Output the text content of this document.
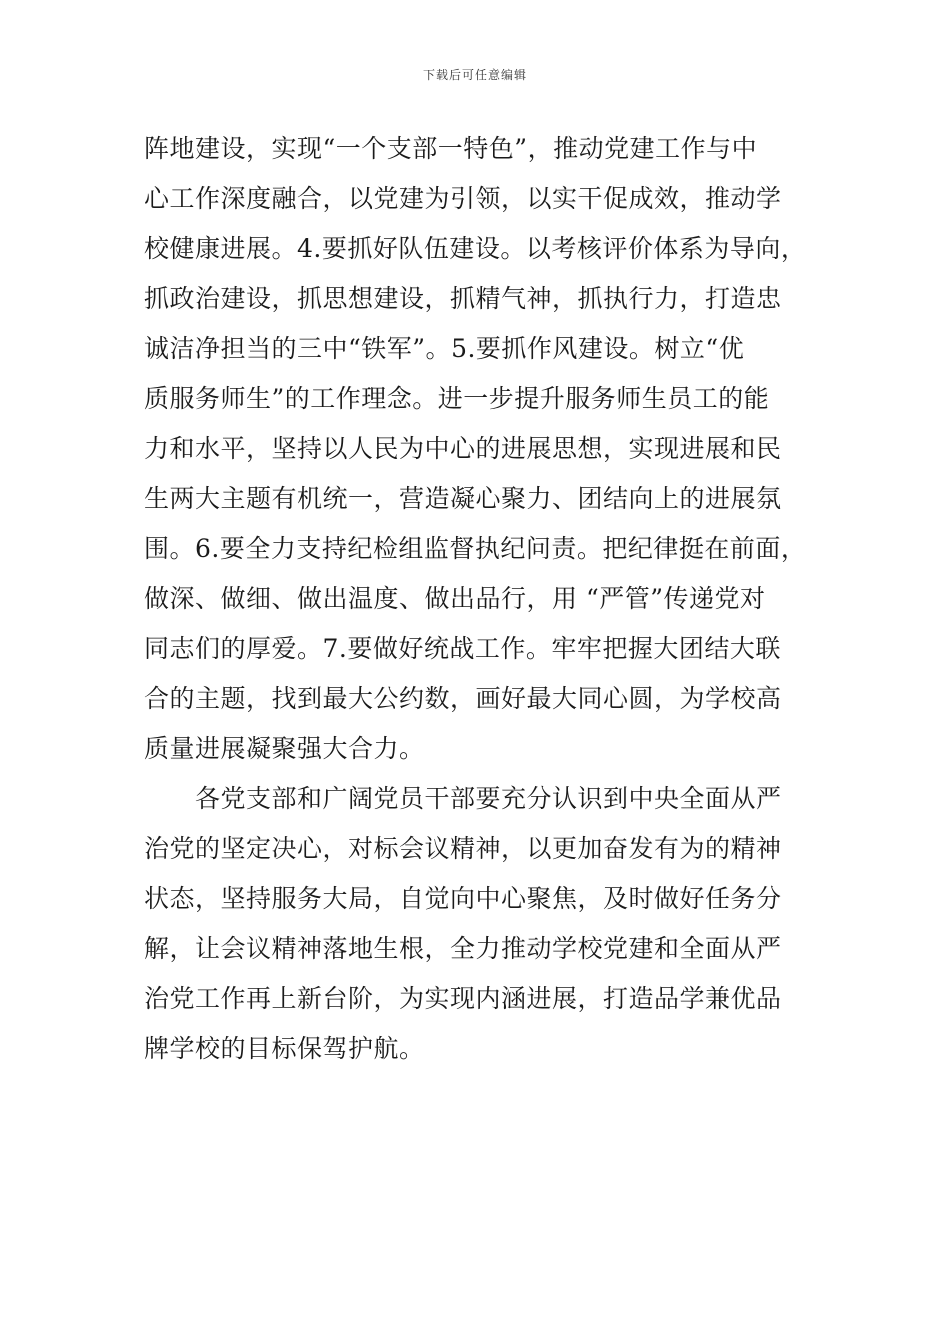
下载后可任意编辑
阵地建设，实现“一个支部一特色”，推动党建工作与中
心工作深度融合，以党建为引领，以实干促成效，推动学
校健康进展。4.要抓好队伍建设。以考核评价体系为导向，
抓政治建设，抓思想建设，抓精气神，抓执行力，打造忠
诚洁净担当的三中“铁军”。5.要抓作风建设。树立“优
质服务师生”的工作理念。进一步提升服务师生员工的能
力和水平，坚持以人民为中心的进展思想，实现进展和民
生两大主题有机统一，营造凝心聚力、团结向上的进展氛
围。6.要全力支持纪检组监督执纪问责。把纪律挺在前面，
做深、做细、做出温度、做出品行，用 “严管”传递党对
同志们的厚爱。7.要做好统战工作。牢牢把握大团结大联
合的主题，找到最大公约数，画好最大同心圆，为学校高
质量进展凝聚强大合力。
　　各党支部和广阔党员干部要充分认识到中央全面从严
治党的坚定决心，对标会议精神，以更加奋发有为的精神
状态，坚持服务大局，自觉向中心聚焦，及时做好任务分
解，让会议精神落地生根，全力推动学校党建和全面从严
治党工作再上新台阶，为实现内涵进展，打造品学兼优品
牌学校的目标保驾护航。
